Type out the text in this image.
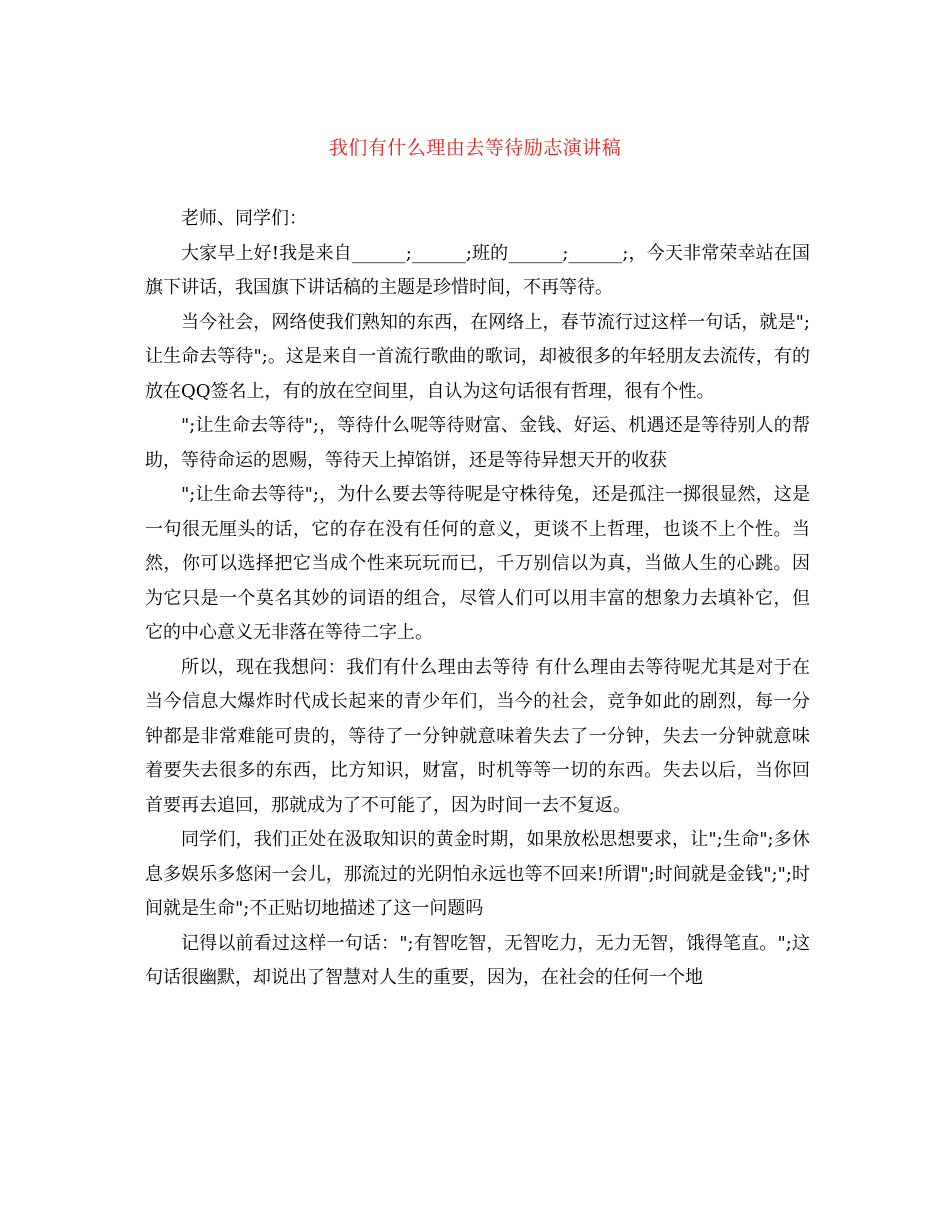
我们有什么理由去等待励志演讲稿

老师、同学们：

大家早上好!我是来自______;______;班的______;______;，今天非常荣幸站在国旗下讲话，我国旗下讲话稿的主题是珍惜时间，不再等待。

当今社会，网络使我们熟知的东西，在网络上，春节流行过这样一句话，就是";让生命去等待";。这是来自一首流行歌曲的歌词，却被很多的年轻朋友去流传，有的放在QQ签名上，有的放在空间里，自认为这句话很有哲理，很有个性。

";让生命去等待";，等待什么呢等待财富、金钱、好运、机遇还是等待别人的帮助，等待命运的恩赐，等待天上掉馅饼，还是等待异想天开的收获

";让生命去等待";，为什么要去等待呢是守株待兔，还是孤注一掷很显然，这是一句很无厘头的话，它的存在没有任何的意义，更谈不上哲理，也谈不上个性。当然，你可以选择把它当成个性来玩玩而已，千万别信以为真，当做人生的心跳。因为它只是一个莫名其妙的词语的组合，尽管人们可以用丰富的想象力去填补它，但它的中心意义无非落在等待二字上。

所以，现在我想问：我们有什么理由去等待 有什么理由去等待呢尤其是对于在当今信息大爆炸时代成长起来的青少年们，当今的社会，竞争如此的剧烈，每一分钟都是非常难能可贵的，等待了一分钟就意味着失去了一分钟，失去一分钟就意味着要失去很多的东西，比方知识，财富，时机等等一切的东西。失去以后，当你回首要再去追回，那就成为了不可能了，因为时间一去不复返。

同学们，我们正处在汲取知识的黄金时期，如果放松思想要求，让";生命";多休息多娱乐多悠闲一会儿，那流过的光阴怕永远也等不回来!所谓";时间就是金钱";";时间就是生命";不正贴切地描述了这一问题吗

记得以前看过这样一句话：";有智吃智，无智吃力，无力无智，饿得笔直。";这句话很幽默，却说出了智慧对人生的重要，因为，在社会的任何一个地
